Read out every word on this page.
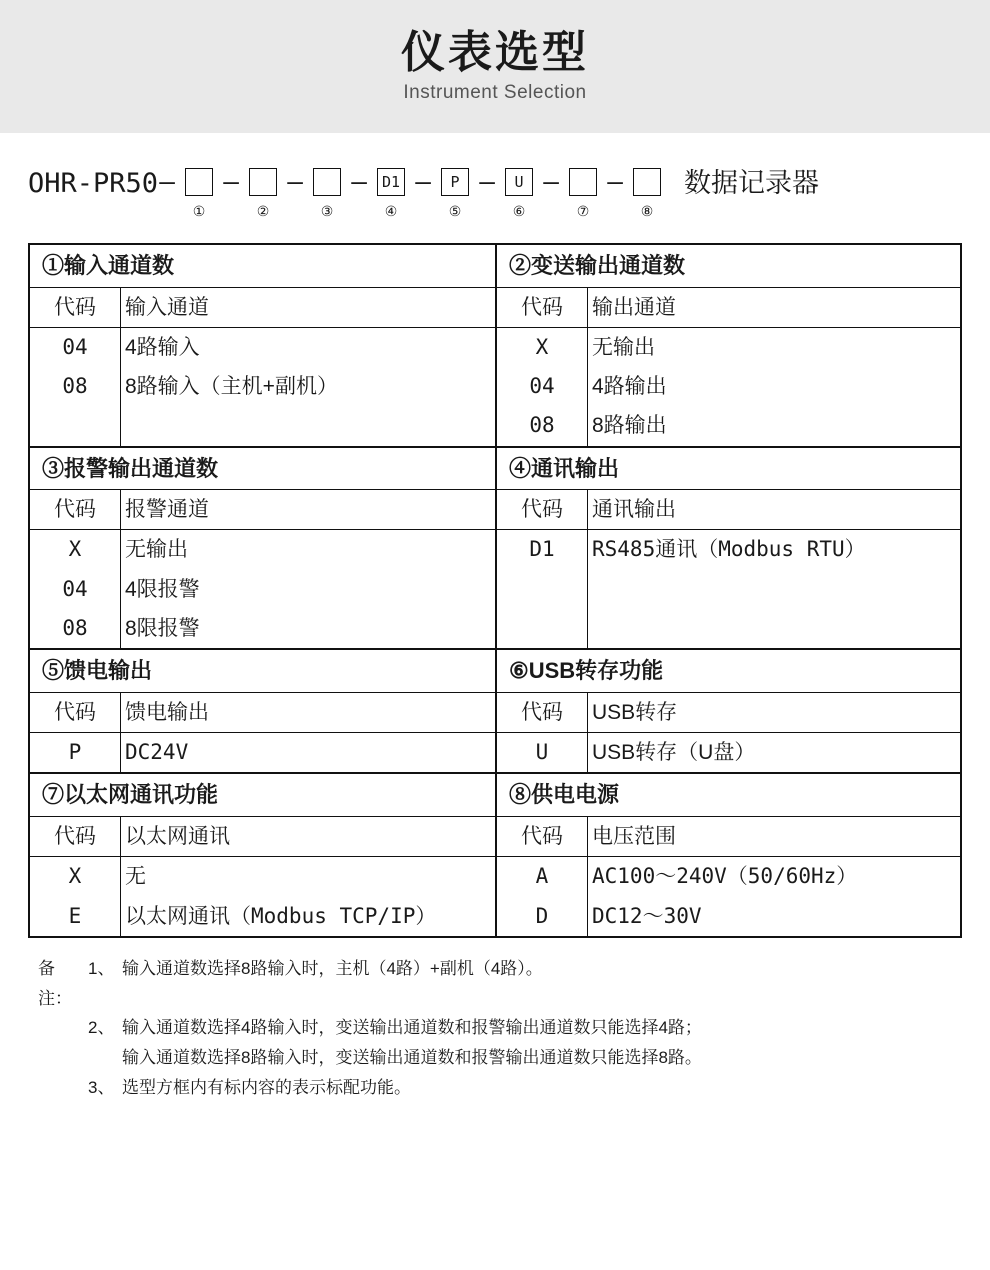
仪表选型
Instrument Selection
OHR-PR50 —
①
—
②
—
③
—	D1
④
—	P
⑤
—	U
⑥
—
⑦
—
⑧
数据记录器
①输入通道数
代码	输入通道
04	4路输入
08	8路输入（主机+副机）

②变送输出通道数
代码	输出通道
X	无输出
04	4路输出
08	8路输出
③报警输出通道数
代码	报警通道
X	无输出
04	4限报警
08	8限报警
④通讯输出
代码	通讯输出
D1	RS485通讯（Modbus RTU）

⑤馈电输出
代码	馈电输出
P	DC24V
⑥USB转存功能
代码	USB转存
U	USB转存（U盘）
⑦以太网通讯功能
代码	以太网通讯
X	无
E	以太网通讯（Modbus TCP/IP）
⑧供电电源
代码	电压范围
A	AC100～240V（50/60Hz）
D	DC12～30V
备注：
1、 输入通道数选择8路输入时，主机（4路）+副机（4路）。

2、 输入通道数选择4路输入时，变送输出通道数和报警输出通道数只能选择4路；
输入通道数选择8路输入时，变送输出通道数和报警输出通道数只能选择8路。

3、 选型方框内有标内容的表示标配功能。
